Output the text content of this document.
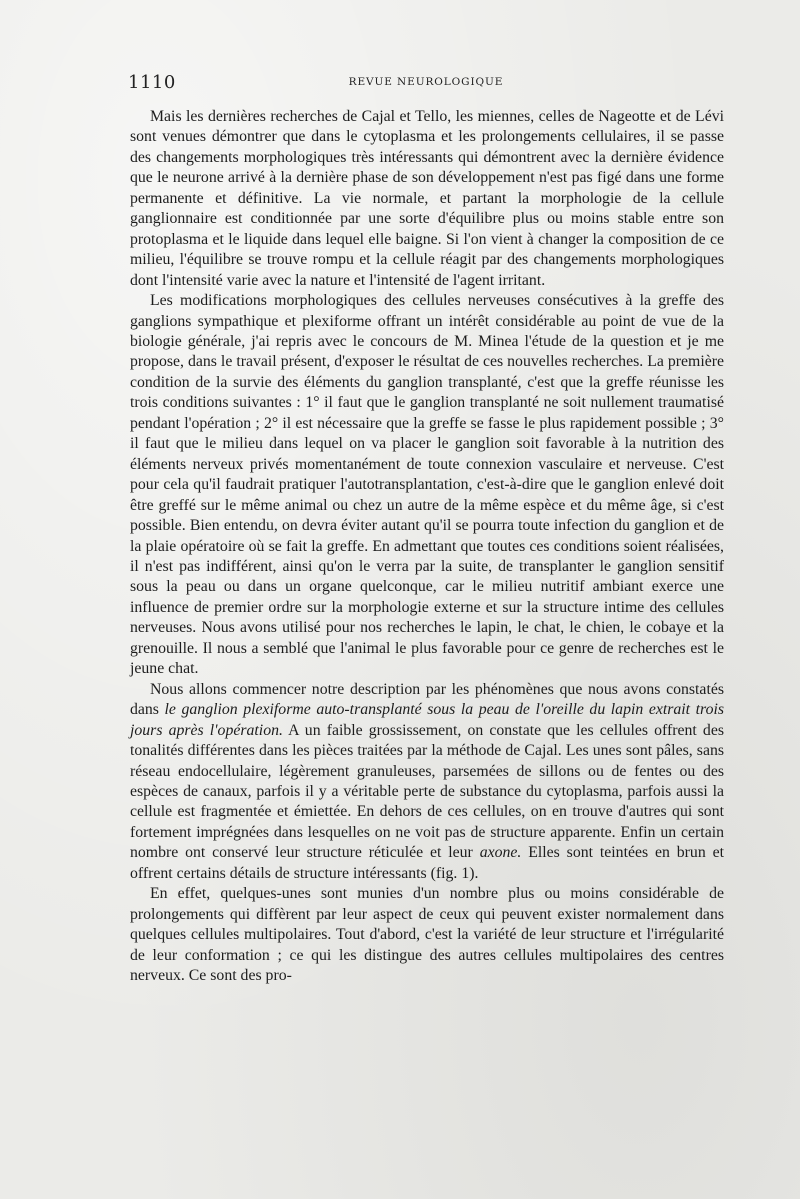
1110	REVUE NEUROLOGIQUE

Mais les dernières recherches de Cajal et Tello, les miennes, celles de Nageotte et de Lévi sont venues démontrer que dans le cytoplasma et les prolongements cellulaires, il se passe des changements morphologiques très intéressants qui démontrent avec la dernière évidence que le neurone arrivé à la dernière phase de son développement n'est pas figé dans une forme permanente et définitive. La vie normale, et partant la morphologie de la cellule ganglionnaire est conditionnée par une sorte d'équilibre plus ou moins stable entre son protoplasma et le liquide dans lequel elle baigne. Si l'on vient à changer la composition de ce milieu, l'équilibre se trouve rompu et la cellule réagit par des changements morphologiques dont l'intensité varie avec la nature et l'intensité de l'agent irritant.

Les modifications morphologiques des cellules nerveuses consécutives à la greffe des ganglions sympathique et plexiforme offrant un intérêt considérable au point de vue de la biologie générale, j'ai repris avec le concours de M. Minea l'étude de la question et je me propose, dans le travail présent, d'exposer le résultat de ces nouvelles recherches. La première condition de la survie des éléments du ganglion transplanté, c'est que la greffe réunisse les trois conditions suivantes : 1° il faut que le ganglion transplanté ne soit nullement traumatisé pendant l'opération ; 2° il est nécessaire que la greffe se fasse le plus rapidement possible ; 3° il faut que le milieu dans lequel on va placer le ganglion soit favorable à la nutrition des éléments nerveux privés momentanément de toute connexion vasculaire et nerveuse. C'est pour cela qu'il faudrait pratiquer l'autotransplantation, c'est-à-dire que le ganglion enlevé doit être greffé sur le même animal ou chez un autre de la même espèce et du même âge, si c'est possible. Bien entendu, on devra éviter autant qu'il se pourra toute infection du ganglion et de la plaie opératoire où se fait la greffe. En admettant que toutes ces conditions soient réalisées, il n'est pas indifférent, ainsi qu'on le verra par la suite, de transplanter le ganglion sensitif sous la peau ou dans un organe quelconque, car le milieu nutritif ambiant exerce une influence de premier ordre sur la morphologie externe et sur la structure intime des cellules nerveuses. Nous avons utilisé pour nos recherches le lapin, le chat, le chien, le cobaye et la grenouille. Il nous a semblé que l'animal le plus favorable pour ce genre de recherches est le jeune chat.

Nous allons commencer notre description par les phénomènes que nous avons constatés dans le ganglion plexiforme auto-transplanté sous la peau de l'oreille du lapin extrait trois jours après l'opération. A un faible grossissement, on constate que les cellules offrent des tonalités différentes dans les pièces traitées par la méthode de Cajal. Les unes sont pâles, sans réseau endocellulaire, légèrement granuleuses, parsemées de sillons ou de fentes ou des espèces de canaux, parfois il y a véritable perte de substance du cytoplasma, parfois aussi la cellule est fragmentée et émiettée. En dehors de ces cellules, on en trouve d'autres qui sont fortement imprégnées dans lesquelles on ne voit pas de structure apparente. Enfin un certain nombre ont conservé leur structure réticulée et leur axone. Elles sont teintées en brun et offrent certains détails de structure intéressants (fig. 1).

En effet, quelques-unes sont munies d'un nombre plus ou moins considérable de prolongements qui diffèrent par leur aspect de ceux qui peuvent exister normalement dans quelques cellules multipolaires. Tout d'abord, c'est la variété de leur structure et l'irrégularité de leur conformation ; ce qui les distingue des autres cellules multipolaires des centres nerveux. Ce sont des pro-
